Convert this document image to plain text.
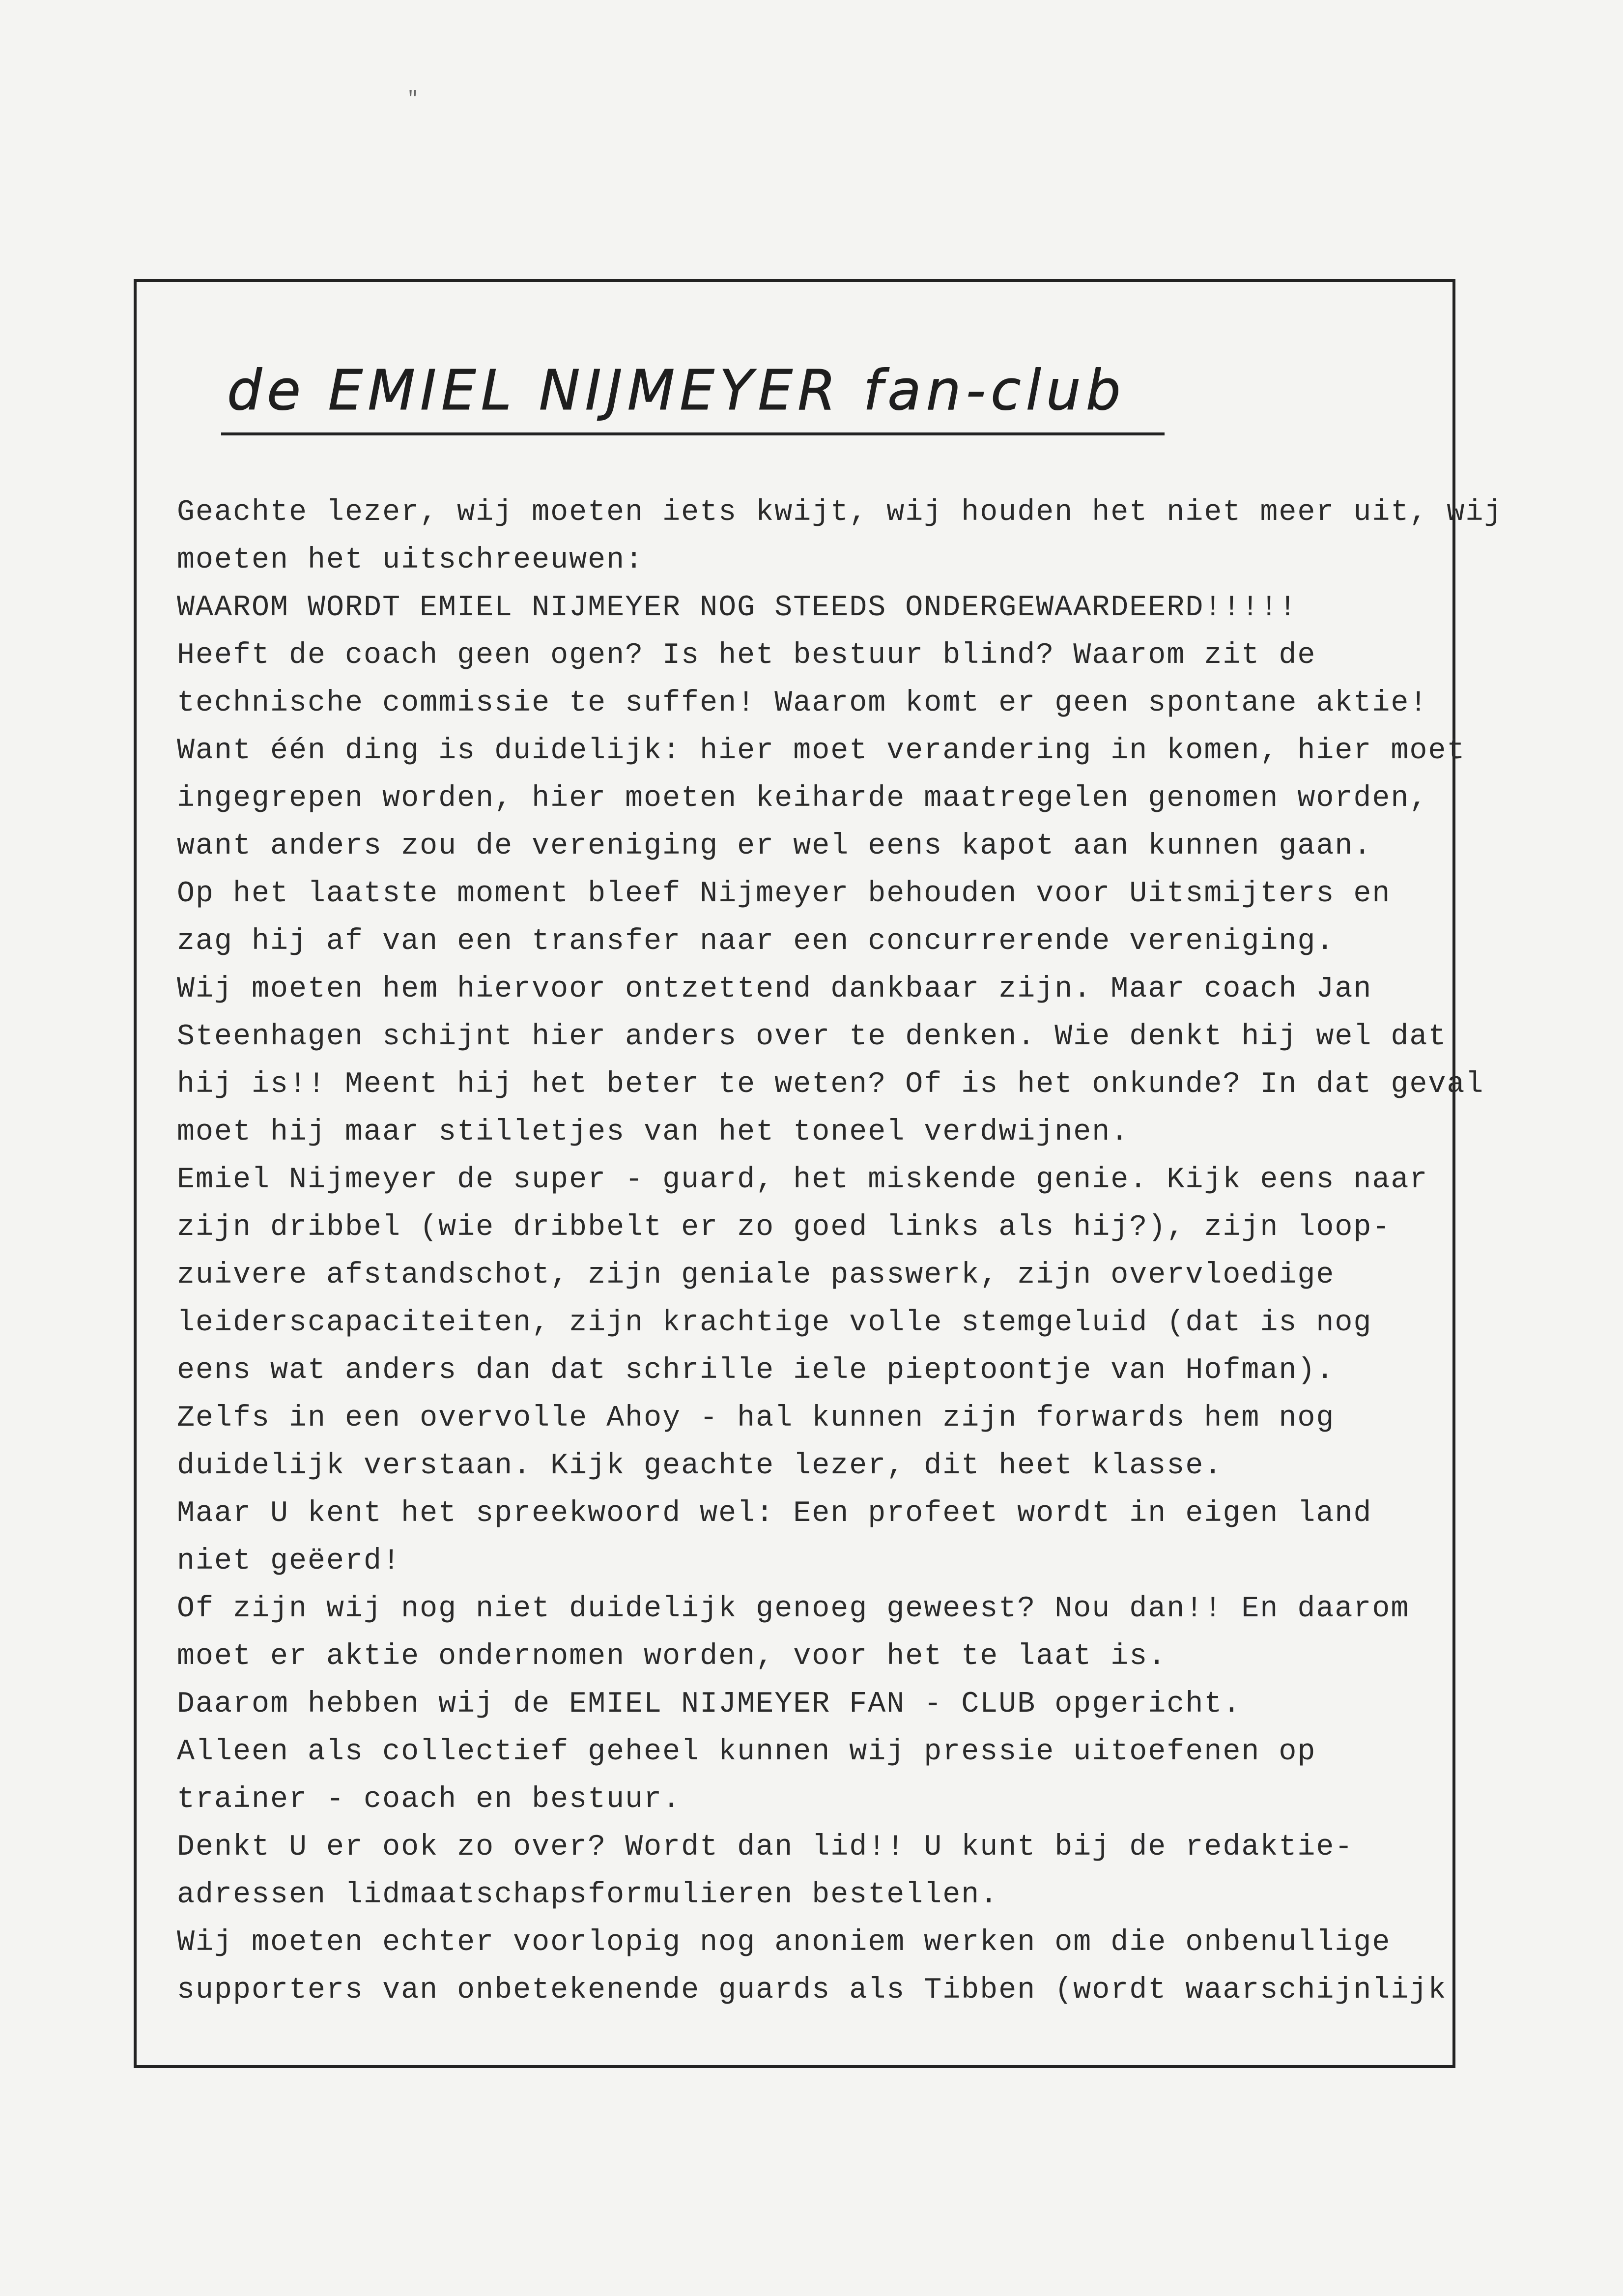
"
de EMIEL NIJMEYER fan-club
Geachte lezer, wij moeten iets kwijt, wij houden het niet meer uit, wij
moeten het uitschreeuwen:
WAAROM WORDT EMIEL NIJMEYER NOG STEEDS ONDERGEWAARDEERD!!!!!
Heeft de coach geen ogen? Is het bestuur blind? Waarom zit de
technische commissie te suffen! Waarom komt er geen spontane aktie!
Want één ding is duidelijk: hier moet verandering in komen, hier moet
ingegrepen worden, hier moeten keiharde maatregelen genomen worden,
want anders zou de vereniging er wel eens kapot aan kunnen gaan.
Op het laatste moment bleef Nijmeyer behouden voor Uitsmijters en
zag hij af van een transfer naar een concurrerende vereniging.
Wij moeten hem hiervoor ontzettend dankbaar zijn. Maar coach Jan
Steenhagen schijnt hier anders over te denken. Wie denkt hij wel dat
hij is!! Meent hij het beter te weten? Of is het onkunde? In dat geval
moet hij maar stilletjes van het toneel verdwijnen.
Emiel Nijmeyer de super - guard, het miskende genie. Kijk eens naar
zijn dribbel (wie dribbelt er zo goed links als hij?), zijn loop-
zuivere afstandschot, zijn geniale passwerk, zijn overvloedige
leiderscapaciteiten, zijn krachtige volle stemgeluid (dat is nog
eens wat anders dan dat schrille iele pieptoontje van Hofman).
Zelfs in een overvolle Ahoy - hal kunnen zijn forwards hem nog
duidelijk verstaan. Kijk geachte lezer, dit heet klasse.
Maar U kent het spreekwoord wel: Een profeet wordt in eigen land
niet geëerd!
Of zijn wij nog niet duidelijk genoeg geweest? Nou dan!! En daarom
moet er aktie ondernomen worden, voor het te laat is.
Daarom hebben wij de EMIEL NIJMEYER FAN - CLUB opgericht.
Alleen als collectief geheel kunnen wij pressie uitoefenen op
trainer - coach en bestuur.
Denkt U er ook zo over? Wordt dan lid!! U kunt bij de redaktie-
adressen lidmaatschapsformulieren bestellen.
Wij moeten echter voorlopig nog anoniem werken om die onbenullige
supporters van onbetekenende guards als Tibben (wordt waarschijnlijk
